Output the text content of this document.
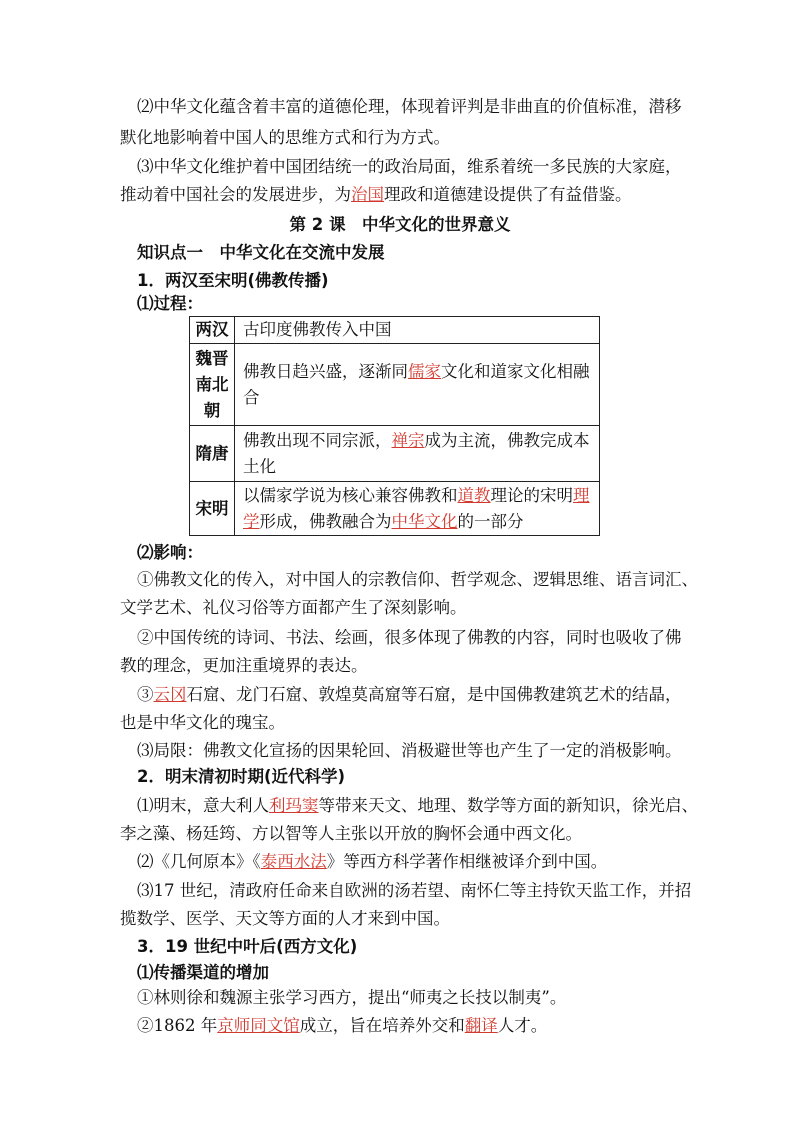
⑵中华文化蕴含着丰富的道德伦理，体现着评判是非曲直的价值标准，潜移
默化地影响着中国人的思维方式和行为方式。
⑶中华文化维护着中国团结统一的政治局面，维系着统一多民族的大家庭，
推动着中国社会的发展进步，为治国理政和道德建设提供了有益借鉴。
第 2 课　中华文化的世界意义
知识点一　中华文化在交流中发展
1．两汉至宋明(佛教传播)
⑴过程：
两汉	古印度佛教传入中国
魏晋南北朝	佛教日趋兴盛，逐渐同儒家文化和道家文化相融合
隋唐	佛教出现不同宗派，禅宗成为主流，佛教完成本土化
宋明	以儒家学说为核心兼容佛教和道教理论的宋明理学形成，佛教融合为中华文化的一部分
⑵影响：
①佛教文化的传入，对中国人的宗教信仰、哲学观念、逻辑思维、语言词汇、
文学艺术、礼仪习俗等方面都产生了深刻影响。
②中国传统的诗词、书法、绘画，很多体现了佛教的内容，同时也吸收了佛
教的理念，更加注重境界的表达。
③云冈石窟、龙门石窟、敦煌莫高窟等石窟，是中国佛教建筑艺术的结晶，
也是中华文化的瑰宝。
⑶局限：佛教文化宣扬的因果轮回、消极避世等也产生了一定的消极影响。
2．明末清初时期(近代科学)
⑴明末，意大利人利玛窦等带来天文、地理、数学等方面的新知识，徐光启、
李之藻、杨廷筠、方以智等人主张以开放的胸怀会通中西文化。
⑵《几何原本》《泰西水法》等西方科学著作相继被译介到中国。
⑶17 世纪，清政府任命来自欧洲的汤若望、南怀仁等主持钦天监工作，并招
揽数学、医学、天文等方面的人才来到中国。
3．19 世纪中叶后(西方文化)
⑴传播渠道的增加
①林则徐和魏源主张学习西方，提出“师夷之长技以制夷”。
②1862 年京师同文馆成立，旨在培养外交和翻译人才。
